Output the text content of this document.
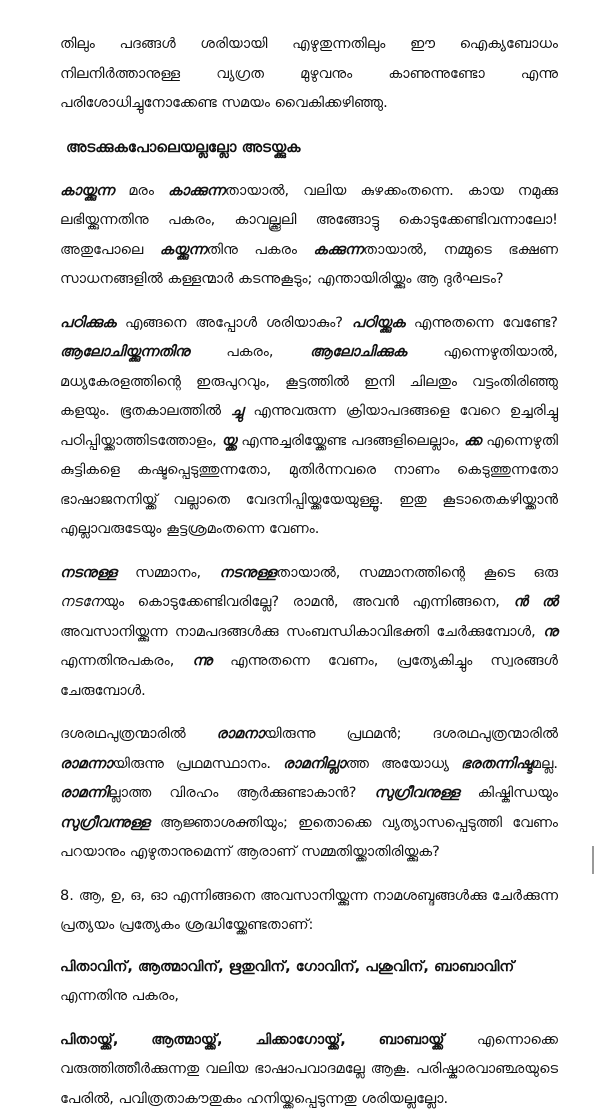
തിലും പദങ്ങൾ ശരിയായി എഴുതുന്നതിലും ഈ ഐക്യബോധം നിലനിർത്താനുള്ള വ്യഗ്രത മുഴുവനും കാണുന്നുണ്ടോ എന്നു പരിശോധിച്ചുനോക്കേണ്ട സമയം വൈകിക്കഴിഞ്ഞു.

അടക്കുകപോലെയല്ലല്ലോ അടയ്ക്കുക

കായ്ക്കുന്ന മരം കാക്കുന്നതായാൽ, വലിയ കുഴക്കംതന്നെ. കായ നമുക്കു ലഭിയ്ക്കുന്നതിനു പകരം, കാവല്ക്കൂലി അങ്ങോട്ടു കൊടുക്കേണ്ടിവന്നാലോ! അതുപോലെ കയ്ക്കുന്നതിനു പകരം കക്കുന്നതായാൽ, നമ്മുടെ ഭക്ഷണ സാധനങ്ങളിൽ കള്ളന്മാർ കടന്നുകൂടും; എന്തായിരിയ്ക്കും ആ ദുർഘടം?

പഠിക്കുക എങ്ങനെ അപ്പോൾ ശരിയാകും? പഠിയ്ക്കുക എന്നുതന്നെ വേണ്ടേ? ആലോചിയ്ക്കുന്നതിനു പകരം, ആലോചിക്കുക എന്നെഴുതിയാൽ, മധ്യകേരളത്തിന്റെ ഇരുപുറവും, കൂട്ടത്തിൽ ഇനി ചിലതും വട്ടംതിരിഞ്ഞു കളയും. ഭൂതകാലത്തിൽ ച്ചു എന്നുവരുന്ന ക്രിയാപദങ്ങളെ വേറെ ഉച്ചരിച്ചു പഠിപ്പിയ്ക്കാത്തിടത്തോളം, യ്ക്ക എന്നുച്ചരിയ്ക്കേണ്ട പദങ്ങളിലെല്ലാം, ക്ക എന്നെഴുതി കുട്ടികളെ കഷ്ടപ്പെടുത്തുന്നതോ, മുതിർന്നവരെ നാണം കെടുത്തുന്നതോ ഭാഷാജനനിയ്ക്ക് വല്ലാതെ വേദനിപ്പിയ്ക്കയേയുള്ളൂ. ഇതു കൂടാതെകഴിയ്ക്കാൻ എല്ലാവരുടേയും കൂട്ടശ്രമംതന്നെ വേണം.

നടനുള്ള സമ്മാനം, നടനുള്ളതായാൽ, സമ്മാനത്തിന്റെ കൂടെ ഒരു നടനേയും കൊടുക്കേണ്ടിവരില്ലേ? രാമൻ, അവൻ എന്നിങ്ങനെ, ൻ ൽ അവസാനിയ്ക്കുന്ന നാമപദങ്ങൾക്കു സംബന്ധികാവിഭക്തി ചേർക്കുമ്പോൾ, നു എന്നതിനുപകരം, ന്നു എന്നുതന്നെ വേണം, പ്രത്യേകിച്ചും സ്വരങ്ങൾ ചേരുമ്പോൾ.

ദശരഥപുത്രന്മാരിൽ രാമനായിരുന്നു പ്രഥമൻ; ദശരഥപുത്രന്മാരിൽ രാമന്നായിരുന്നു പ്രഥമസ്ഥാനം. രാമനില്ലാത്ത അയോധ്യ ഭരതന്നിഷ്ടമല്ല. രാമന്നില്ലാത്ത വിരഹം ആർക്കുണ്ടാകാൻ? സുഗ്രീവനുള്ള കിഷ്കിന്ധയും സുഗ്രീവന്നുള്ള ആജ്ഞാശക്തിയും; ഇതൊക്കെ വ്യത്യാസപ്പെടുത്തി വേണം പറയാനും എഴുതാനുമെന്ന് ആരാണ് സമ്മതിയ്ക്കാതിരിയ്ക്കുക?

8. ആ, ഉ, ഒ, ഓ എന്നിങ്ങനെ അവസാനിയ്ക്കുന്ന നാമശബ്ദങ്ങൾക്കു ചേർക്കുന്ന പ്രത്യയം പ്രത്യേകം ശ്രദ്ധിയ്ക്കേണ്ടതാണ്:

പിതാവിന്, ആത്മാവിന്, ഋതുവിന്, ഗോവിന്, പശുവിന്, ബാബാവിന്

എന്നതിനു പകരം,

പിതായ്ക്ക്, ആത്മായ്ക്ക്, ചിക്കാഗോയ്ക്ക്, ബാബായ്ക്ക് എന്നൊക്കെ വരുത്തിത്തീർക്കുന്നതു വലിയ ഭാഷാപവാദമല്ലേ ആകൂ. പരിഷ്കാരവാഞ്ഛയുടെ പേരിൽ, പവിത്രതാകൗതുകം ഹനിയ്ക്കപ്പെടുന്നതു ശരിയല്ലല്ലോ.
